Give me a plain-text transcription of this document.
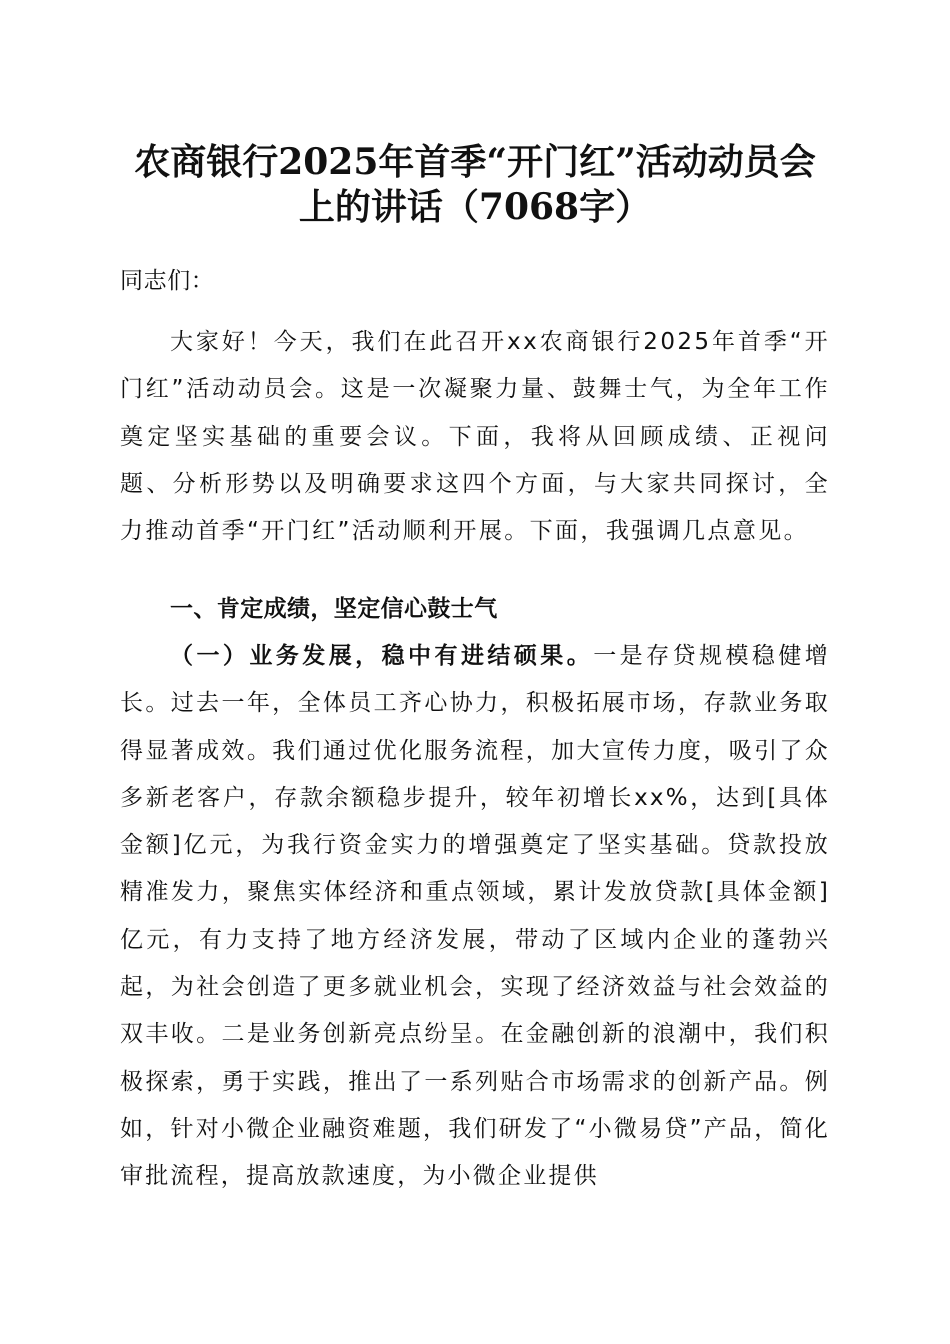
农商银行2025年首季“开门红”活动动员会
上的讲话（7068字）

同志们：

大家好！今天，我们在此召开xx农商银行2025年首季“开门红”活动动员会。这是一次凝聚力量、鼓舞士气，为全年工作奠定坚实基础的重要会议。下面，我将从回顾成绩、正视问题、分析形势以及明确要求这四个方面，与大家共同探讨，全力推动首季“开门红”活动顺利开展。下面，我强调几点意见。

一、肯定成绩，坚定信心鼓士气

（一）业务发展，稳中有进结硕果。一是存贷规模稳健增长。过去一年，全体员工齐心协力，积极拓展市场，存款业务取得显著成效。我们通过优化服务流程，加大宣传力度，吸引了众多新老客户，存款余额稳步提升，较年初增长xx%，达到[具体金额]亿元，为我行资金实力的增强奠定了坚实基础。贷款投放精准发力，聚焦实体经济和重点领域，累计发放贷款[具体金额]亿元，有力支持了地方经济发展，带动了区域内企业的蓬勃兴起，为社会创造了更多就业机会，实现了经济效益与社会效益的双丰收。二是业务创新亮点纷呈。在金融创新的浪潮中，我们积极探索，勇于实践，推出了一系列贴合市场需求的创新产品。例如，针对小微企业融资难题，我们研发了“小微易贷”产品，简化审批流程，提高放款速度，为小微企业提供
